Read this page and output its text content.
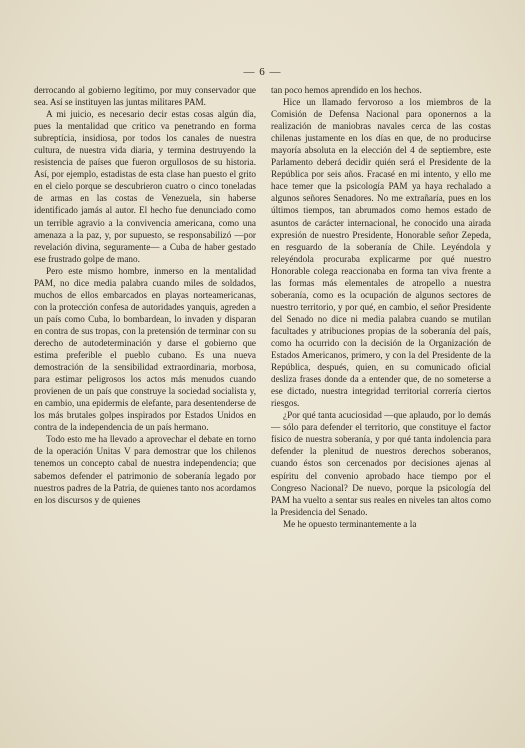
— 6 —

derrocando al gobierno legítimo, por muy conservador que sea. Así se instituyen las juntas militares PAM.

A mi juicio, es necesario decir estas cosas algún día, pues la mentalidad que critico va penetrando en forma subreptícia, insidiosa, por todos los canales de nuestra cultura, de nuestra vida diaria, y termina destruyendo la resistencia de países que fueron orgullosos de su historia. Así, por ejemplo, estadistas de esta clase han puesto el grito en el cielo porque se descubrieron cuatro o cinco toneladas de armas en las costas de Venezuela, sin haberse identificado jamás al autor. El hecho fue denunciado como un terrible agravio a la convivencia americana, como una amenaza a la paz, y, por supuesto, se responsabilizó —por revelación divina, seguramente— a Cuba de haber gestado ese frustrado golpe de mano.

Pero este mismo hombre, inmerso en la mentalidad PAM, no dice media palabra cuando miles de soldados, muchos de ellos embarcados en playas norteamericanas, con la protección confesa de autoridades yanquis, agreden a un país como Cuba, lo bombardean, lo invaden y disparan en contra de sus tropas, con la pretensión de terminar con su derecho de autodeterminación y darse el gobierno que estima preferible el pueblo cubano. Es una nueva demostración de la sensibilidad extraordinaria, morbosa, para estimar peligrosos los actos más menudos cuando provienen de un país que construye la sociedad socialista y, en cambio, una epidermis de elefante, para desentenderse de los más brutales golpes inspirados por Estados Unidos en contra de la independencia de un país hermano.

Todo esto me ha llevado a aprovechar el debate en torno de la operación Unitas V para demostrar que los chilenos tenemos un concepto cabal de nuestra independencia; que sabemos defender el patrimonio de soberanía legado por nuestros padres de la Patria, de quienes tanto nos acordamos en los discursos y de quienes

tan poco hemos aprendido en los hechos.

Hice un llamado fervoroso a los miembros de la Comisión de Defensa Nacional para oponernos a la realización de maniobras navales cerca de las costas chilenas justamente en los días en que, de no producirse mayoría absoluta en la elección del 4 de septiembre, este Parlamento deberá decidir quién será el Presidente de la República por seis años. Fracasé en mi intento, y ello me hace temer que la psicología PAM ya haya rechalado a algunos señores Senadores. No me extrañaría, pues en los últimos tiempos, tan abrumados como hemos estado de asuntos de carácter internacional, he conocido una airada expresión de nuestro Presidente, Honorable señor Zepeda, en resguardo de la soberanía de Chile. Leyéndola y releyéndola procuraba explicarme por qué nuestro Honorable colega reaccionaba en forma tan viva frente a las formas más elementales de atropello a nuestra soberanía, como es la ocupación de algunos sectores de nuestro territorio, y por qué, en cambio, el señor Presidente del Senado no dice ni media palabra cuando se mutilan facultades y atribuciones propias de la soberanía del país, como ha ocurrido con la decisión de la Organización de Estados Americanos, primero, y con la del Presidente de la República, después, quien, en su comunicado oficial desliza frases donde da a entender que, de no someterse a ese dictado, nuestra integridad territorial correría ciertos riesgos.

¿Por qué tanta acuciosidad —que aplaudo, por lo demás— sólo para defender el territorio, que constituye el factor físico de nuestra soberanía, y por qué tanta indolencia para defender la plenitud de nuestros derechos soberanos, cuando éstos son cercenados por decisiones ajenas al espíritu del convenio aprobado hace tiempo por el Congreso Nacional? De nuevo, porque la psicología del PAM ha vuelto a sentar sus reales en niveles tan altos como la Presidencia del Senado.

Me he opuesto terminantemente a la
